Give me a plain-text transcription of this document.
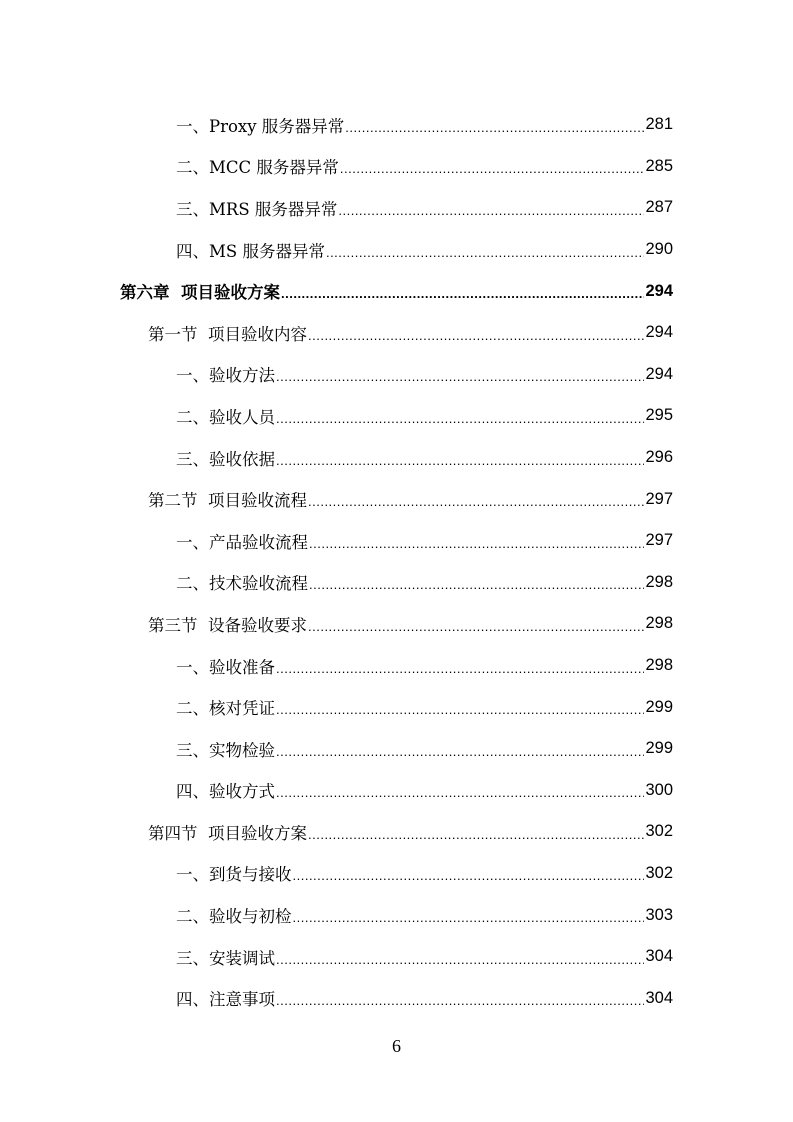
一、Proxy 服务器异常 .....	281
二、MCC 服务器异常 .....	285
三、MRS 服务器异常 .....	287
四、MS 服务器异常 .....	290
第六章  项目验收方案 .....	294
第一节  项目验收内容 .....	294
一、验收方法 .....	294
二、验收人员 .....	295
三、验收依据 .....	296
第二节  项目验收流程 .....	297
一、产品验收流程 .....	297
二、技术验收流程 .....	298
第三节  设备验收要求 .....	298
一、验收准备 .....	298
二、核对凭证 .....	299
三、实物检验 .....	299
四、验收方式 .....	300
第四节  项目验收方案 .....	302
一、到货与接收 .....	302
二、验收与初检 .....	303
三、安装调试 .....	304
四、注意事项 .....	304
6
